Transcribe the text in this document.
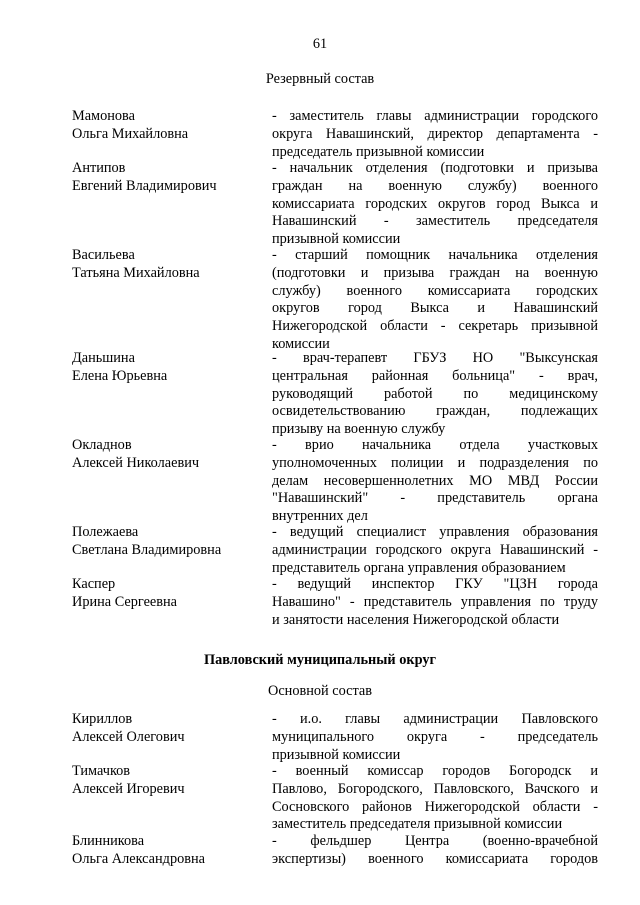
61
Резервный состав
Мамонова
Ольга Михайловна
- заместитель главы администрации городского
округа Навашинский, директор департамента -
председатель призывной комиссии
Антипов
Евгений Владимирович
- начальник отделения (подготовки и призыва
граждан на военную службу) военного
комиссариата городских округов город Выкса и
Навашинский - заместитель председателя
призывной комиссии
Васильева
Татьяна Михайловна
- старший помощник начальника отделения
(подготовки и призыва граждан на военную
службу) военного комиссариата городских
округов город Выкса и Навашинский
Нижегородской области - секретарь призывной
комиссии
Даньшина
Елена Юрьевна
- врач-терапевт ГБУЗ НО "Выксунская
центральная районная больница" - врач,
руководящий работой по медицинскому
освидетельствованию граждан, подлежащих
призыву на военную службу
Окладнов
Алексей Николаевич
- врио начальника отдела участковых
уполномоченных полиции и подразделения по
делам несовершеннолетних МО МВД России
"Навашинский" - представитель органа
внутренних дел
Полежаева
Светлана Владимировна
- ведущий специалист управления образования
администрации городского округа Навашинский -
представитель органа управления образованием
Каспер
Ирина Сергеевна
- ведущий инспектор ГКУ "ЦЗН города
Навашино" - представитель управления по труду
и занятости населения Нижегородской области
Павловский муниципальный округ
Основной состав
Кириллов
Алексей Олегович
- и.о. главы администрации Павловского
муниципального округа - председатель
призывной комиссии
Тимачков
Алексей Игоревич
- военный комиссар городов Богородск и
Павлово, Богородского, Павловского, Вачского и
Сосновского районов Нижегородской области -
заместитель председателя призывной комиссии
Блинникова
Ольга Александровна
- фельдшер Центра (военно-врачебной
экспертизы) военного комиссариата городов
